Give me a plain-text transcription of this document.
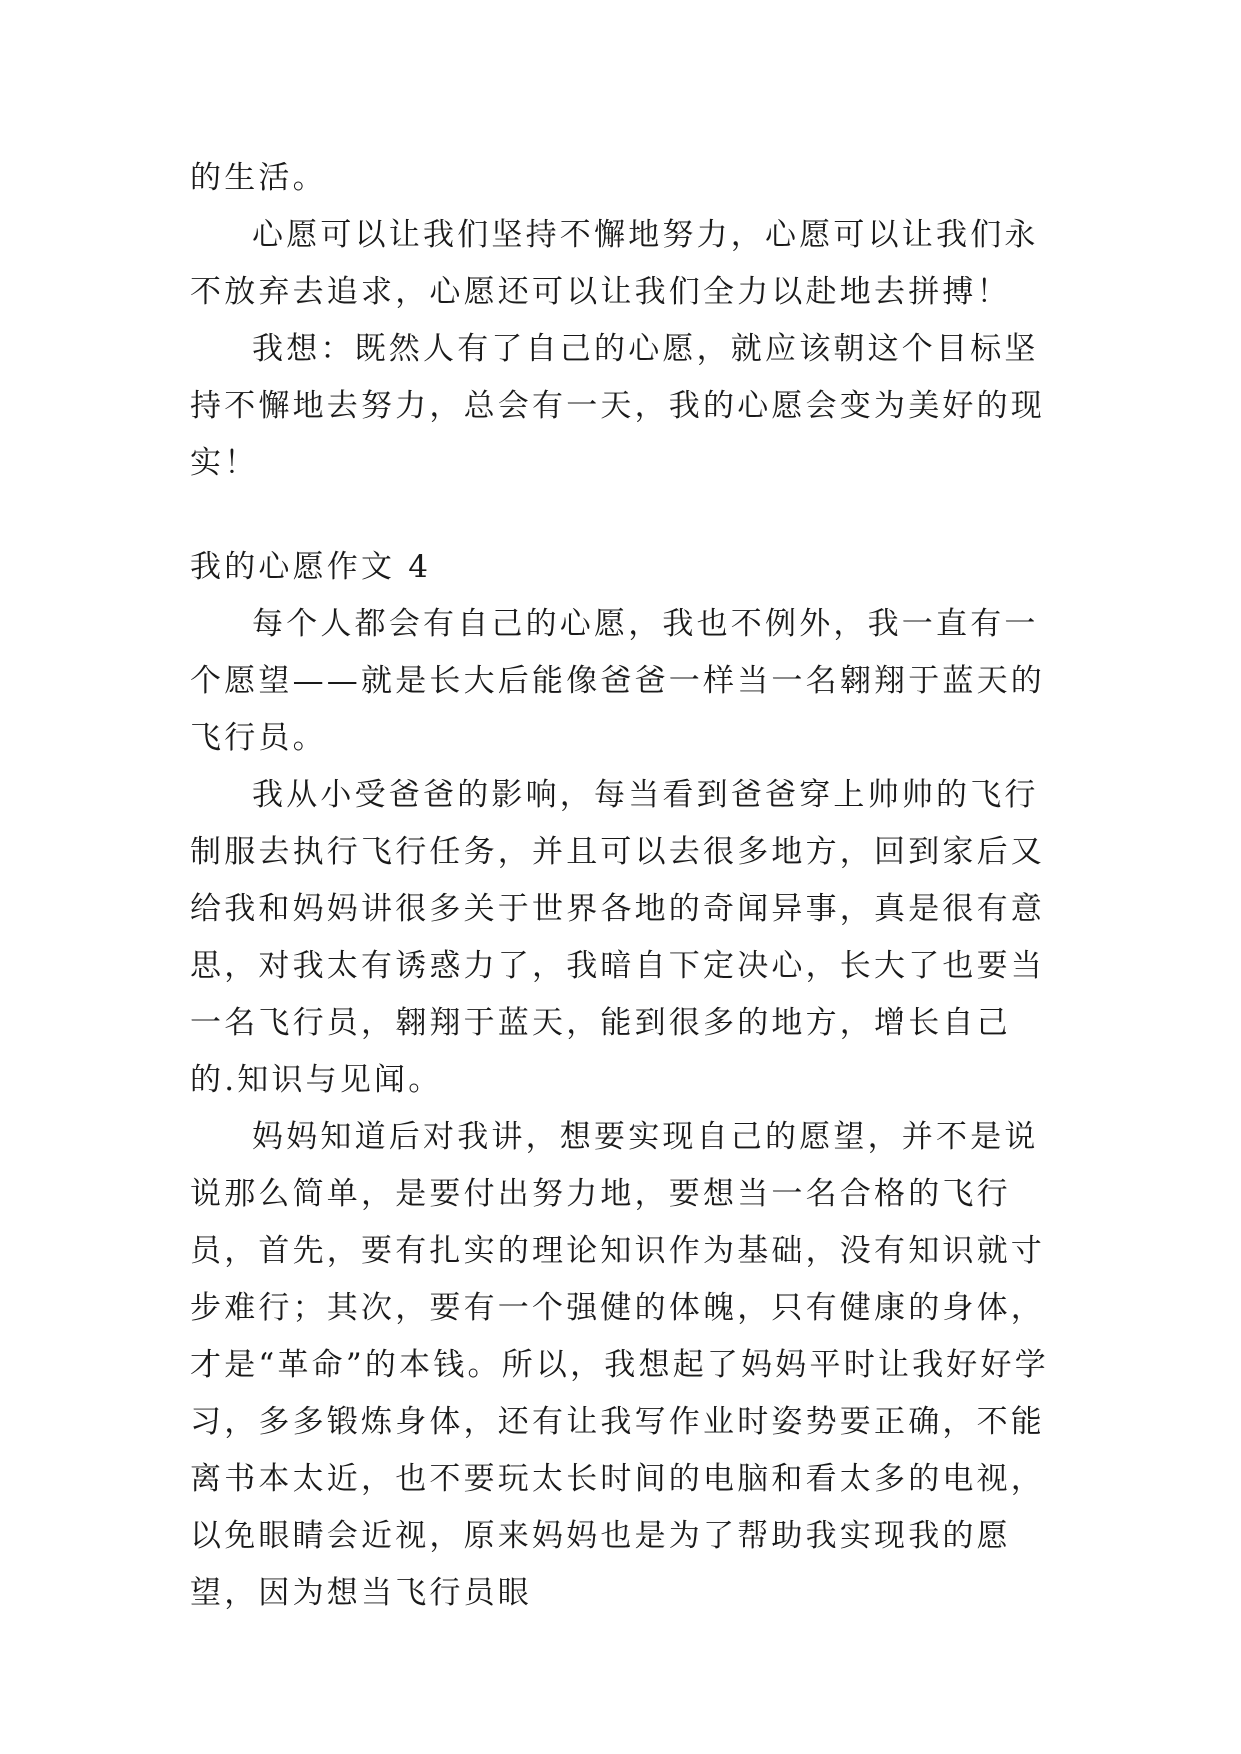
的生活。

心愿可以让我们坚持不懈地努力，心愿可以让我们永不放弃去追求，心愿还可以让我们全力以赴地去拼搏！

我想：既然人有了自己的心愿，就应该朝这个目标坚持不懈地去努力，总会有一天，我的心愿会变为美好的现实！

我的心愿作文 4

每个人都会有自己的心愿，我也不例外，我一直有一个愿望——就是长大后能像爸爸一样当一名翱翔于蓝天的飞行员。

我从小受爸爸的影响，每当看到爸爸穿上帅帅的飞行制服去执行飞行任务，并且可以去很多地方，回到家后又给我和妈妈讲很多关于世界各地的奇闻异事，真是很有意思，对我太有诱惑力了，我暗自下定决心，长大了也要当一名飞行员，翱翔于蓝天，能到很多的地方，增长自己的.知识与见闻。

妈妈知道后对我讲，想要实现自己的愿望，并不是说说那么简单，是要付出努力地，要想当一名合格的飞行员，首先，要有扎实的理论知识作为基础，没有知识就寸步难行；其次，要有一个强健的体魄，只有健康的身体，才是“革命”的本钱。所以，我想起了妈妈平时让我好好学习，多多锻炼身体，还有让我写作业时姿势要正确，不能离书本太近，也不要玩太长时间的电脑和看太多的电视，以免眼睛会近视，原来妈妈也是为了帮助我实现我的愿望，因为想当飞行员眼
